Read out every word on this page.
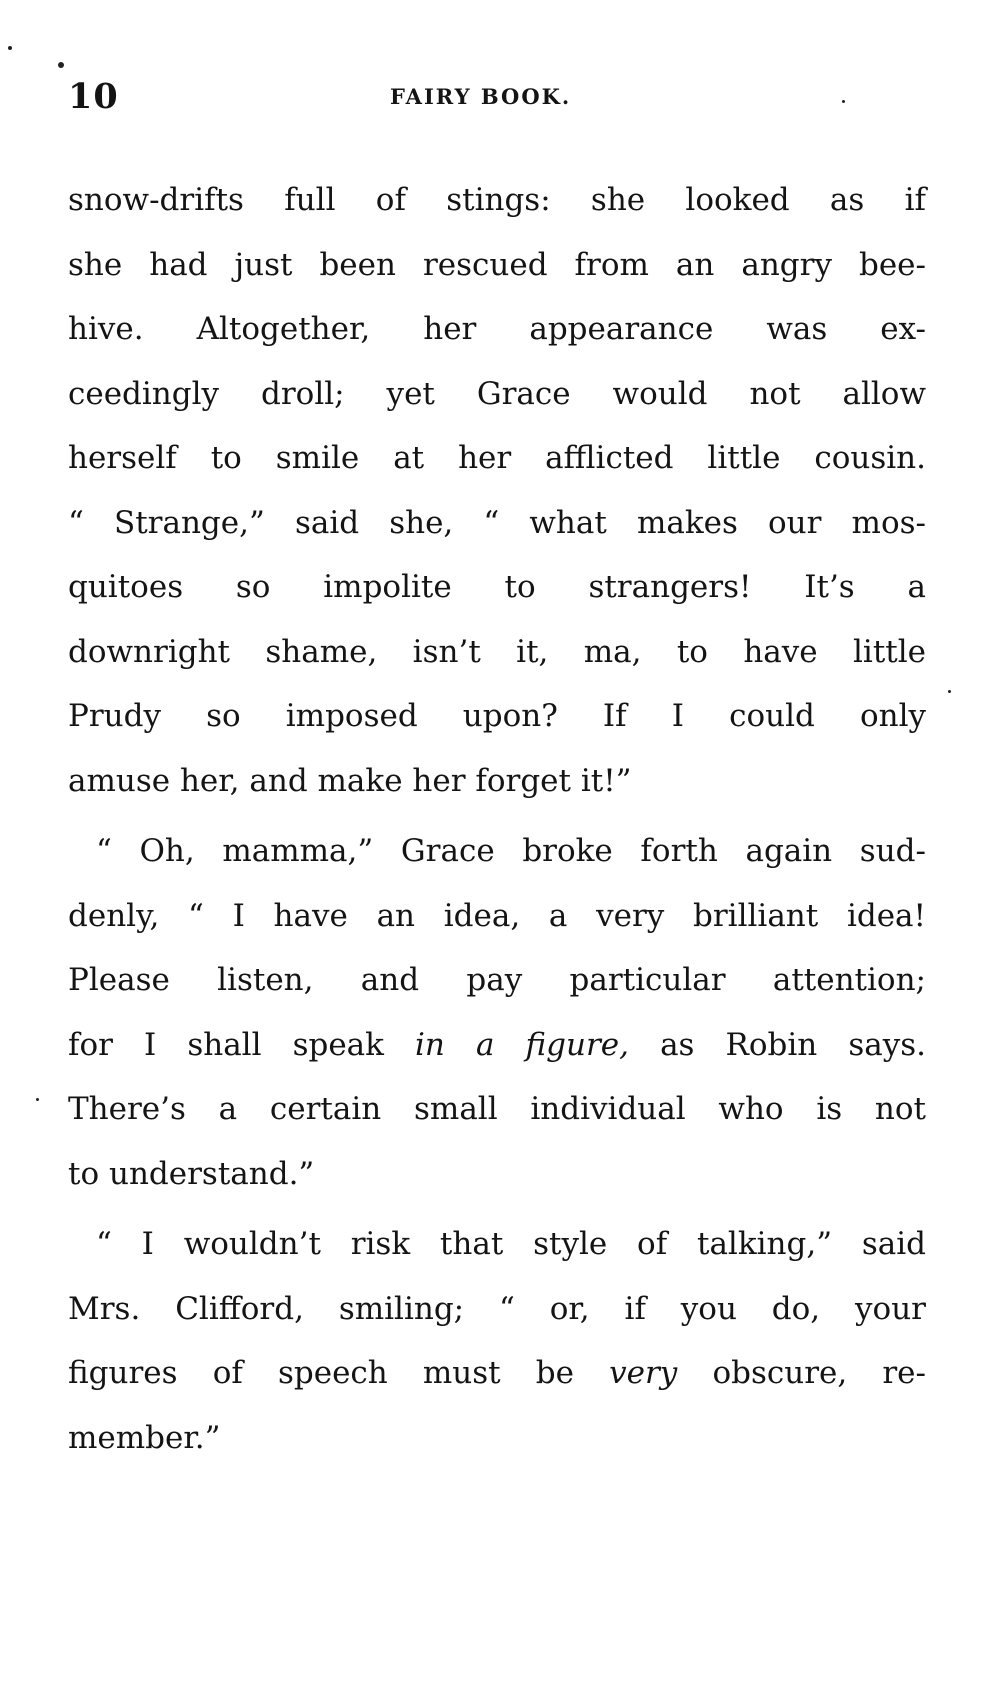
10	FAIRY BOOK.

snow-drifts full of stings: she looked as if
she had just been rescued from an angry bee-
hive. Altogether, her appearance was ex-
ceedingly droll; yet Grace would not allow
herself to smile at her afflicted little cousin.
“ Strange,” said she, “ what makes our mos-
quitoes so impolite to strangers! It’s a
downright shame, isn’t it, ma, to have little
Prudy so imposed upon? If I could only
amuse her, and make her forget it!”

“ Oh, mamma,” Grace broke forth again sud-
denly, “ I have an idea, a very brilliant idea!
Please listen, and pay particular attention;
for I shall speak in a figure, as Robin says.
There’s a certain small individual who is not
to understand.”

“ I wouldn’t risk that style of talking,” said
Mrs. Clifford, smiling; “ or, if you do, your
figures of speech must be very obscure, re-
member.”
